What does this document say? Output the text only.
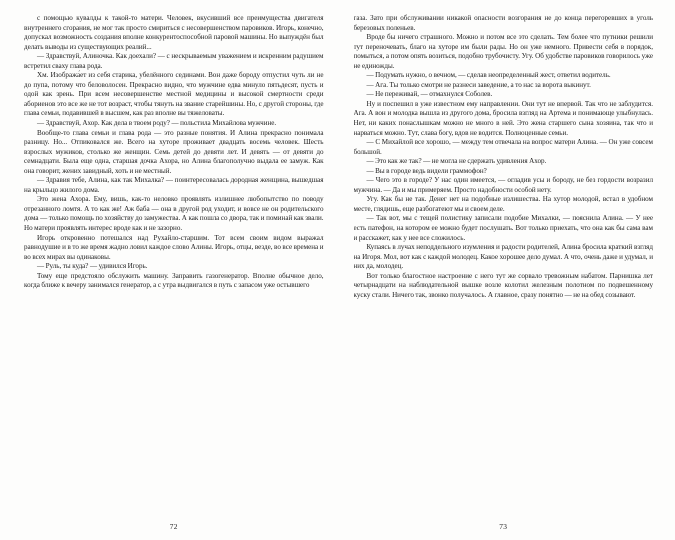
с помощью кувалды к такой-то матери. Человек, вкусивший все преимущества двигателя внутреннего сгорания, не мог так просто смириться с несовершенством паровиков. Игорь, конечно, допускал возможность создания вполне конкурентоспособной паровой машины. Но выпуждён был делать выводы из существующих реалий...

— Здравствуй, Алиночка. Как доехали? — с нескрываемым уважением и искренним радушием встретил сваху глава рода.

Хм. Изобража́ет из себя старика, убелённого сединами. Вон даже бороду отпустил чуть ли не до пупа, потому что беловолосен. Прекрасно видно, что мужчине едва минуло пятьдесят, пусть и одой как зрень. При всем несовершенстве местной медицины и высокой смертности среди абориенов это все же не тот возраст, чтобы тянуть на звание старейшины. Но, с другой стороны, где глава семьи, подавившей в высшем, как раз вполне вы тяжеловаты.

— Здравствуй, Ахор. Как дела в твоем роду? — польстила Михайлова мужчине.

Вообще-то глава семьи и глава рода — это разные понятия. И Алина прекрасно понимала разницу. Но... Отпиковался же. Всего на хуторе проживает двадцать восемь человек. Шесть взрослых мужиков, столько же женщин. Семь детей до девяти лет. И девять — от девяти до семнадцати. Была еще одна, старшая дочка Ахора, но Алина благополучно выдала ее замуж. Как она говорит, жених завидный, хоть и не местный.

— Здравия тебе, Алина, как так Михалка? — поинтересовалась дородная женщина, вышедшая на крыльцо жилого дома.

Это жена Ахора. Ему, вишь, как-то неловко проявлять излишнее любопытство по поводу отрезанного ломтя. А то как же! Аж баба — она в другой род уходит, и вовсе не он родительского дома — только помощь по хозяйству до замужества. А как пошла со двора, так и поминай как звали. Но матери проявлять интерес вроде как и не зазорно.

Игорь откровенно потешался над Рухайло-старшим. Тот всем своим видом выражал равнодушие и в то же время жадно ловил каждое слово Алины. Игорь, отцы, везде, во все времена и во всех мирах вы одинаковы.

— Руль, ты куда? — удивился Игорь.

Тому еще предстояло обслужить машину. Заправить газогенератор. Вполне обычное дело, когда ближе к вечеру занимался генератор, а с утра выдвигался в путь с запасом уже остывшего

72

газа. Зато при обслуживании никакой опасности возгорания не до конца перегоревших в уголь березовых поленьев.

Вроде бы ничего страшного. Можно и потом все это сделать. Тем более что путники решили тут переночевать, благо на хуторе им были рады. Но он уже немного. Привести себя в порядок, помыться, а потом опять возиться, подобно трубочисту. Угу. Об удобстве паровиков говорилось уже не единожды.

— Подумать нужно, о вечном, — сделав неопределенный жест, ответил водитель.

— Ага. Ты только смотри не разнеси заведение, а то нас за ворота выкинут.

— Не переживай, — отмахнулся Соболев.

Ну и поспешил в уже известном ему направлении. Они тут не впервой. Так что не заблудится. Ага. А вон и молодка вышла из другого дома, бросила взгляд на Артема и понимающе улыбнулась. Нет, ни каких понаслышкам можно не много в ней. Это жена старшего сына хозяина, так что и нарваться можно. Тут, слава богу, вдов не водится. Полноценные семьи.

— С Михайлой все хорошо, — между тем отвечала на вопрос матери Алина. — Он уже совсем большой.

— Это как же так? — не могла не сдержать удивления Ахор.

— Вы в городе ведь видели граммофон?

— Чего это в городе? У нас один имеется, — огладив усы и бороду, не без гордости возразил мужчина. — Да и мы примеряем. Просто надобности особой нету.

Угу. Как бы не так. Денег нет на подобные излишества. На хутор молодой, встал в удобном месте, глядишь, еще разбогатеют мы и своем деле.

— Так вот, мы с тещей полистику записали подобие Михалки, — пояснила Алина. — У нее есть патефон, на котором ее можно будет послушать. Вот только приехать, что она как бы сама вам и расскажет, как у нее все сложилось.

Купаясь в лучах неподдельного изумления и радости родителей, Алина бросила краткий взгляд на Игоря. Мол, вот как с каждой молодец. Какое хорошее дело думал. А что, очень даже и удумал, и них да, молодец.

Вот только благостное настроение с него тут же сорвало тревожным набатом. Парнишка лет четырнадцати на наблюдательной вышке возле колотил железным полотном по подвешенному кускy стали. Ничего так, звонко получалось. А главное, сразу понятно — не на обед созывают.

73
